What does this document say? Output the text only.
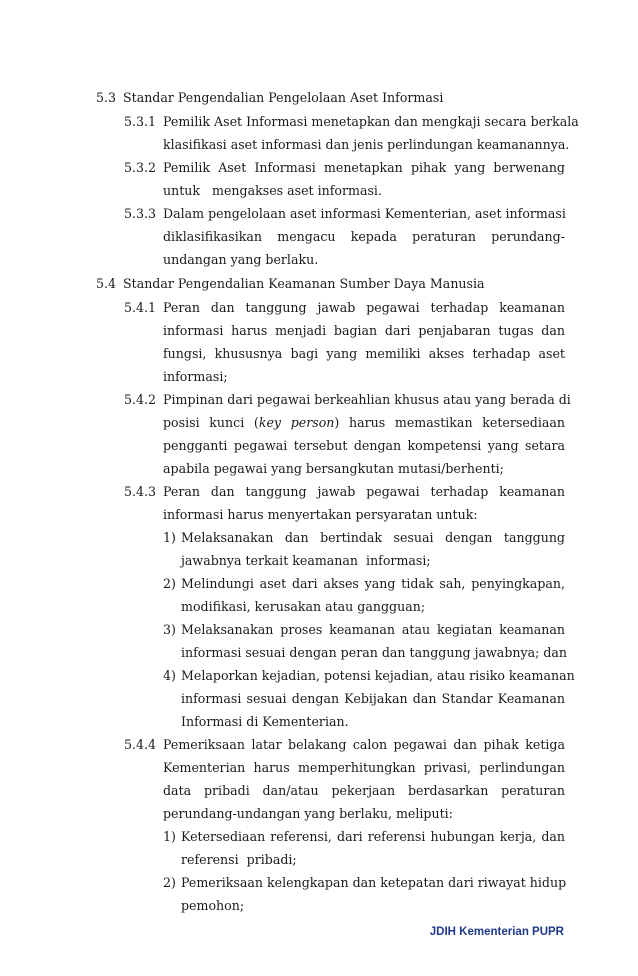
5.3 Standar Pengendalian Pengelolaan Aset Informasi
5.3.1 Pemilik Aset Informasi menetapkan dan mengkaji secara berkala
klasifikasi aset informasi dan jenis perlindungan keamanannya.
5.3.2 Pemilik Aset Informasi menetapkan pihak yang berwenang
untuk   mengakses aset informasi.
5.3.3 Dalam pengelolaan aset informasi Kementerian, aset informasi
diklasifikasikan mengacu kepada peraturan perundang-
undangan yang berlaku.
5.4 Standar Pengendalian Keamanan Sumber Daya Manusia
5.4.1 Peran dan tanggung jawab pegawai terhadap keamanan
informasi harus menjadi bagian dari penjabaran tugas dan
fungsi, khususnya bagi yang memiliki akses terhadap aset
informasi;
5.4.2 Pimpinan dari pegawai berkeahlian khusus atau yang berada di
posisi kunci (key person) harus memastikan ketersediaan
pengganti pegawai tersebut dengan kompetensi yang setara
apabila pegawai yang bersangkutan mutasi/berhenti;
5.4.3 Peran dan tanggung jawab pegawai terhadap keamanan
informasi harus menyertakan persyaratan untuk:
1) Melaksanakan dan bertindak sesuai dengan tanggung
jawabnya terkait keamanan  informasi;
2) Melindungi aset dari akses yang tidak sah, penyingkapan,
modifikasi, kerusakan atau gangguan;
3) Melaksanakan proses keamanan atau kegiatan keamanan
informasi sesuai dengan peran dan tanggung jawabnya; dan
4) Melaporkan kejadian, potensi kejadian, atau risiko keamanan
informasi sesuai dengan Kebijakan dan Standar Keamanan
Informasi di Kementerian.
5.4.4 Pemeriksaan latar belakang calon pegawai dan pihak ketiga
Kementerian harus memperhitungkan privasi, perlindungan
data pribadi dan/atau pekerjaan berdasarkan peraturan
perundang-undangan yang berlaku, meliputi:
1) Ketersediaan referensi, dari referensi hubungan kerja, dan
referensi  pribadi;
2) Pemeriksaan kelengkapan dan ketepatan dari riwayat hidup
pemohon;
JDIH Kementerian PUPR
